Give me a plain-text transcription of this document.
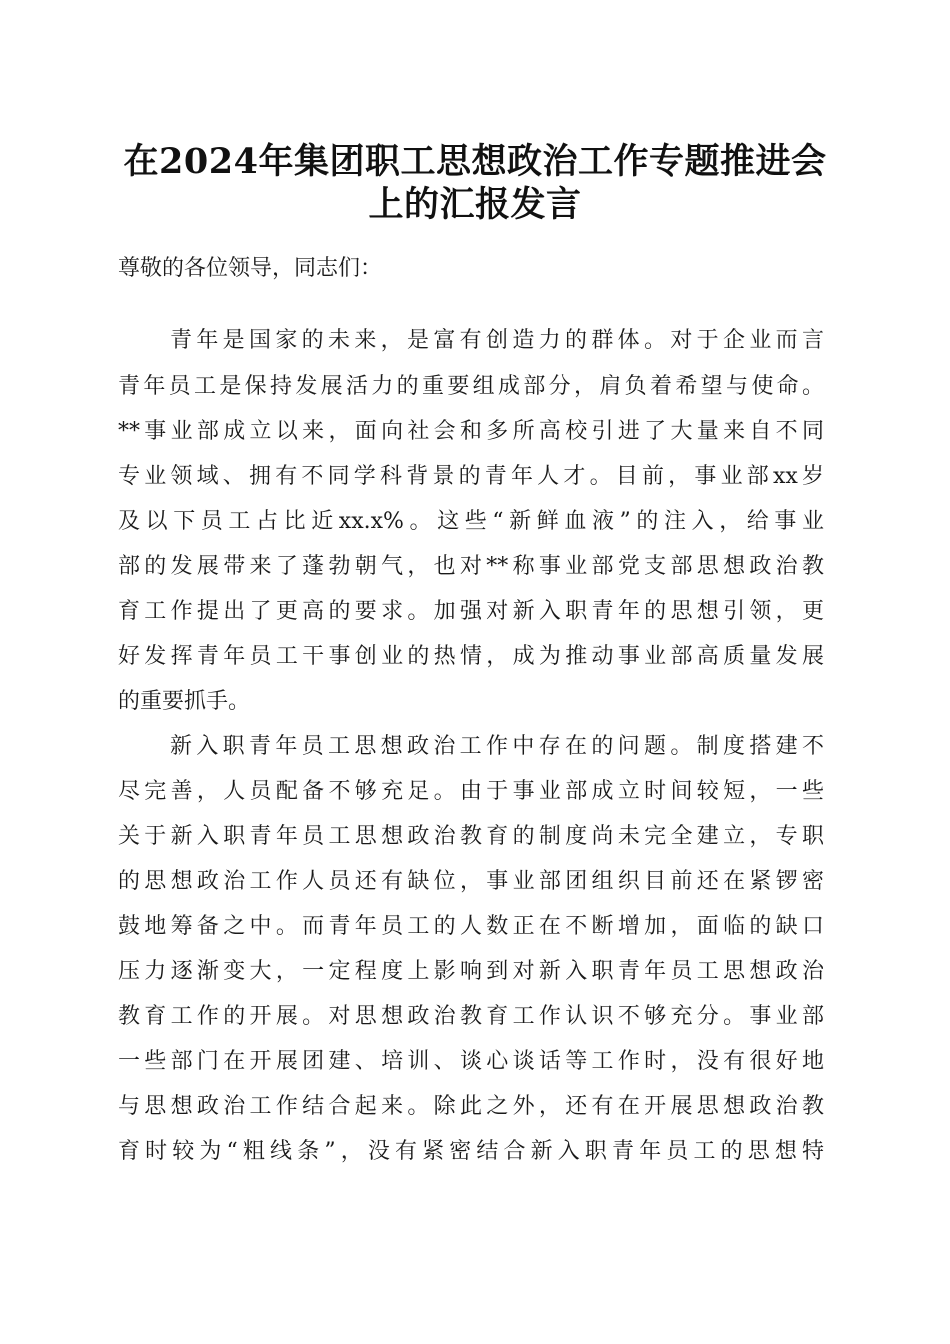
在2024年集团职工思想政治工作专题推进会
上的汇报发言
尊敬的各位领导，同志们：
青年是国家的未来，是富有创造力的群体。对于企业而言
青年员工是保持发展活力的重要组成部分，肩负着希望与使命。
**事业部成立以来，面向社会和多所高校引进了大量来自不同
专业领域、拥有不同学科背景的青年人才。目前，事业部xx岁
及以下员工占比近xx.x%。这些“新鲜血液”的注入，给事业
部的发展带来了蓬勃朝气，也对**称事业部党支部思想政治教
育工作提出了更高的要求。加强对新入职青年的思想引领，更
好发挥青年员工干事创业的热情，成为推动事业部高质量发展
的重要抓手。
新入职青年员工思想政治工作中存在的问题。制度搭建不
尽完善，人员配备不够充足。由于事业部成立时间较短，一些
关于新入职青年员工思想政治教育的制度尚未完全建立，专职
的思想政治工作人员还有缺位，事业部团组织目前还在紧锣密
鼓地筹备之中。而青年员工的人数正在不断增加，面临的缺口
压力逐渐变大，一定程度上影响到对新入职青年员工思想政治
教育工作的开展。对思想政治教育工作认识不够充分。事业部
一些部门在开展团建、培训、谈心谈话等工作时，没有很好地
与思想政治工作结合起来。除此之外，还有在开展思想政治教
育时较为“粗线条”，没有紧密结合新入职青年员工的思想特
